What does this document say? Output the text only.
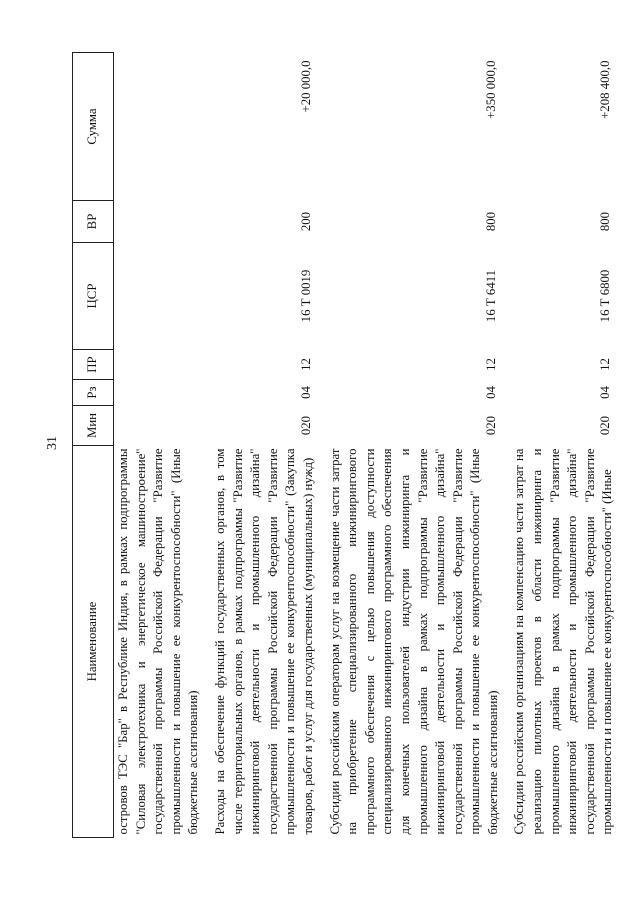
31
Наименование	Мин	Рз	ПР	ЦСР	ВР	Сумма
островов ТЭС "Бар" в Республике Индия, в рамках подпрограммы "Силовая электротехника и энергетическое машиностроение" государственной программы Российской Федерации "Развитие промышленности и повышение ее конкурентоспособности" (Иные бюджетные ассигнования)						
Расходы на обеспечение функций государственных органов, в том числе территориальных органов, в рамках подпрограммы "Развитие инжиниринговой деятельности и промышленного дизайна" государственной программы Российской Федерации "Развитие промышленности и повышение ее конкурентоспособности" (Закупка товаров, работ и услуг для государственных (муниципальных) нужд)	020	04	12	16 Т 0019	200	+20 000,0
Субсидии российским операторам услуг на возмещение части затрат на приобретение специализированного инжинирингового программного обеспечения с целью повышения доступности специализированного инжинирингового программного обеспечения для конечных пользователей индустрии инжиниринга и промышленного дизайна в рамках подпрограммы "Развитие инжиниринговой деятельности и промышленного дизайна" государственной программы Российской Федерации "Развитие промышленности и повышение ее конкурентоспособности" (Иные бюджетные ассигнования)	020	04	12	16 Т 6411	800	+350 000,0
Субсидии российским организациям на компенсацию части затрат на реализацию пилотных проектов в области инжиниринга и промышленного дизайна в рамках подпрограммы "Развитие инжиниринговой деятельности и промышленного дизайна" государственной программы Российской Федерации "Развитие промышленности и повышение ее конкурентоспособности" (Иные	020	04	12	16 Т 6800	800	+208 400,0
